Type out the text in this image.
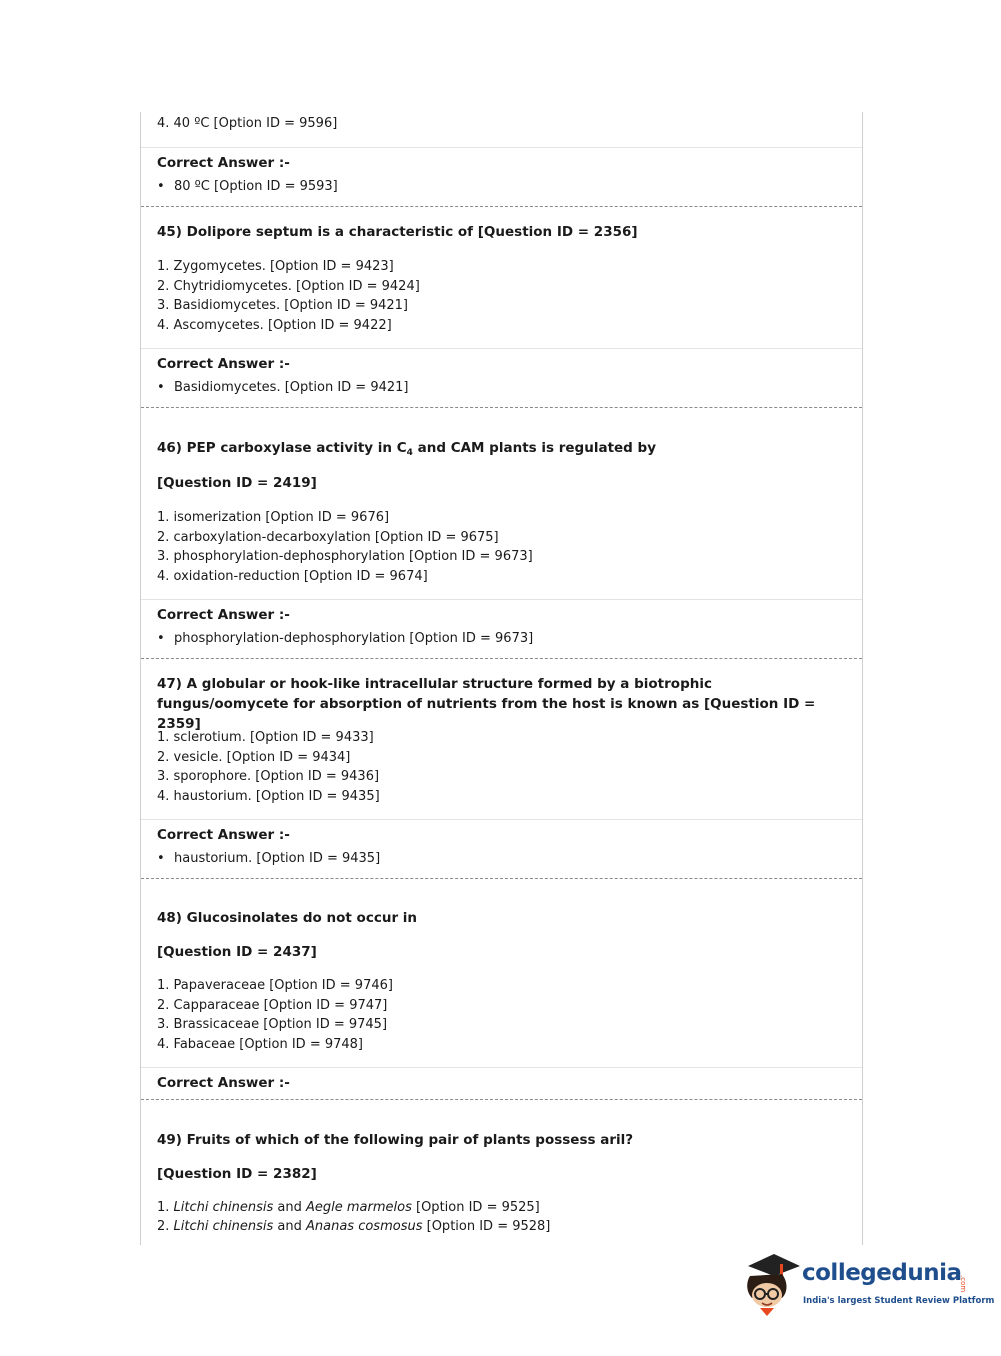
4. 40 ºC [Option ID = 9596]
Correct Answer :-
• 80 ºC [Option ID = 9593]
45) Dolipore septum is a characteristic of [Question ID = 2356]
1. Zygomycetes. [Option ID = 9423]
2. Chytridiomycetes. [Option ID = 9424]
3. Basidiomycetes. [Option ID = 9421]
4. Ascomycetes. [Option ID = 9422]
Correct Answer :-
• Basidiomycetes. [Option ID = 9421]
46) PEP carboxylase activity in $C_4$ and CAM plants is regulated by
[Question ID = 2419]
1. isomerization [Option ID = 9676]
2. carboxylation-decarboxylation [Option ID = 9675]
3. phosphorylation-dephosphorylation [Option ID = 9673]
4. oxidation-reduction [Option ID = 9674]
Correct Answer :-
• phosphorylation-dephosphorylation [Option ID = 9673]
47) A globular or hook-like intracellular structure formed by a biotrophic fungus/oomycete for absorption of nutrients from the host is known as [Question ID = 2359]
1. sclerotium. [Option ID = 9433]
2. vesicle. [Option ID = 9434]
3. sporophore. [Option ID = 9436]
4. haustorium. [Option ID = 9435]
Correct Answer :-
• haustorium. [Option ID = 9435]
48) Glucosinolates do not occur in
[Question ID = 2437]
1. Papaveraceae [Option ID = 9746]
2. Capparaceae [Option ID = 9747]
3. Brassicaceae [Option ID = 9745]
4. Fabaceae [Option ID = 9748]
Correct Answer :-
49) Fruits of which of the following pair of plants possess aril?
[Question ID = 2382]
1. Litchi chinensis and Aegle marmelos [Option ID = 9525]
2. Litchi chinensis and Ananas cosmosus [Option ID = 9528]
collegedunia
.com
India's largest Student Review Platform
